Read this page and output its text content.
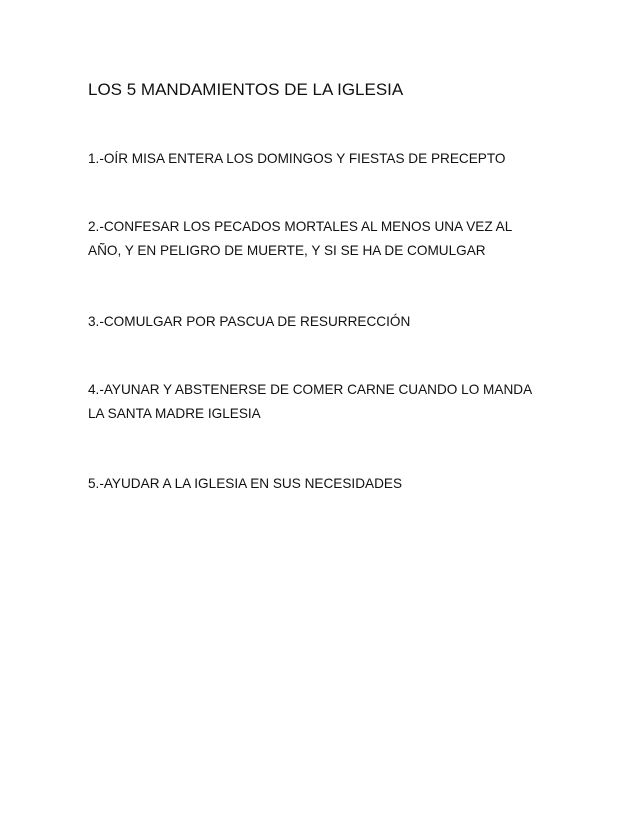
LOS 5 MANDAMIENTOS DE LA IGLESIA

1.-OÍR MISA ENTERA LOS DOMINGOS Y FIESTAS DE PRECEPTO

2.-CONFESAR LOS PECADOS MORTALES AL MENOS UNA VEZ AL
AÑO, Y EN PELIGRO DE MUERTE, Y SI SE HA DE COMULGAR

3.-COMULGAR POR PASCUA DE RESURRECCIÓN

4.-AYUNAR Y ABSTENERSE DE COMER CARNE CUANDO LO MANDA
LA SANTA MADRE IGLESIA

5.-AYUDAR A LA IGLESIA EN SUS NECESIDADES
